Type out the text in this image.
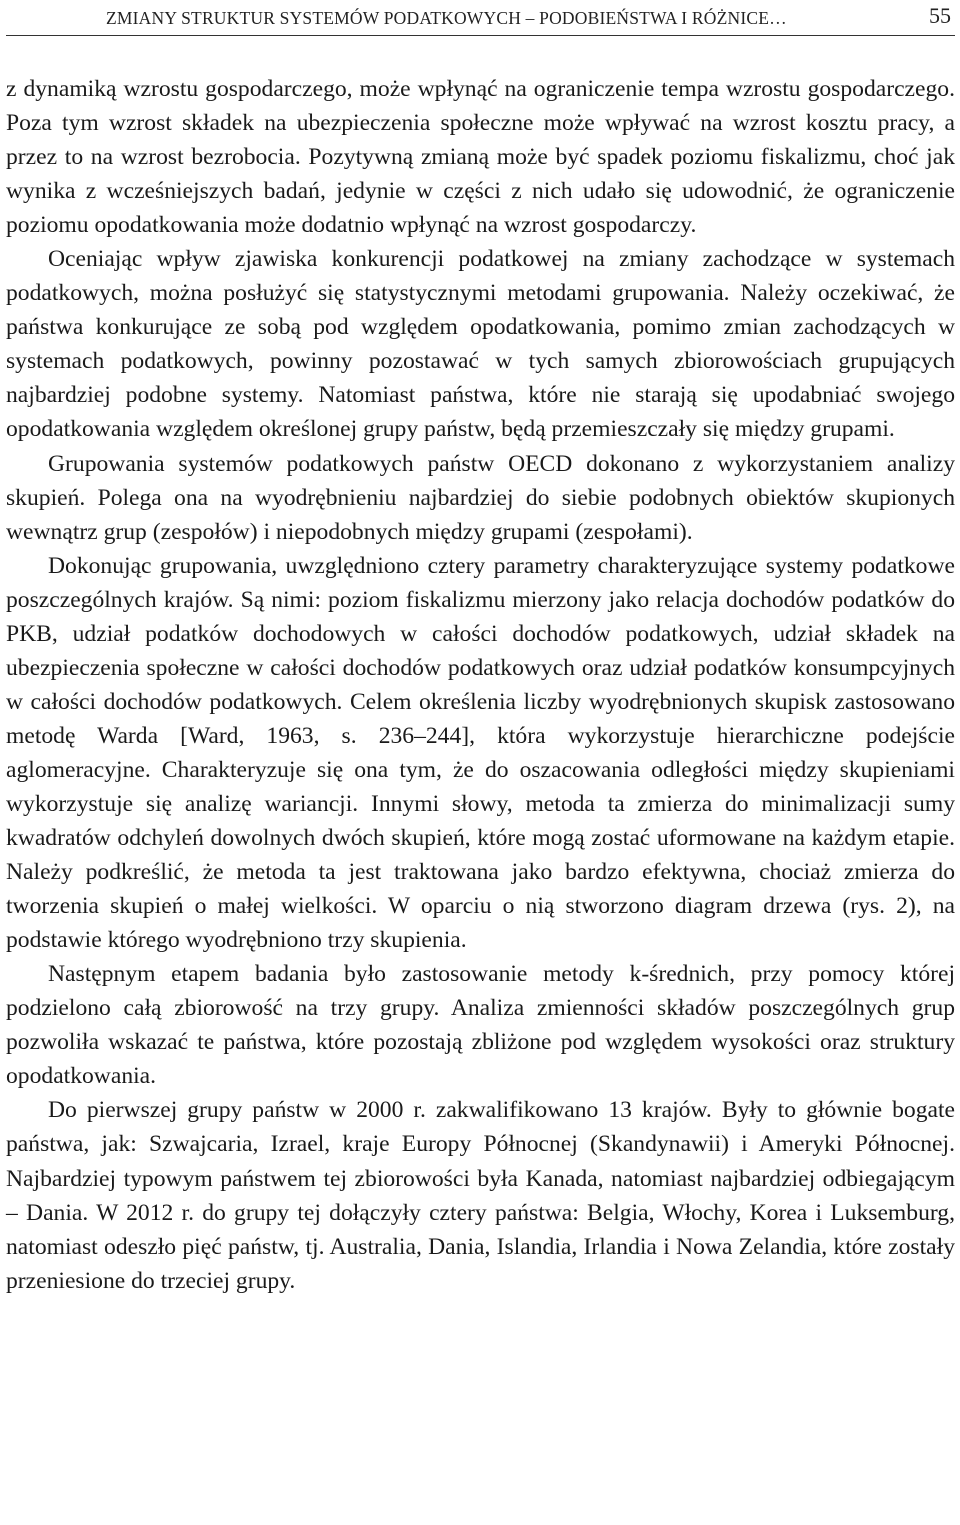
ZMIANY STRUKTUR SYSTEMÓW PODATKOWYCH – PODOBIEŃSTWA I RÓŻNICE…	55

z dynamiką wzrostu gospodarczego, może wpłynąć na ograniczenie tempa wzrostu gospodarczego. Poza tym wzrost składek na ubezpieczenia społeczne może wpływać na wzrost kosztu pracy, a przez to na wzrost bezrobocia. Pozytywną zmianą może być spadek poziomu fiskalizmu, choć jak wynika z wcześniejszych badań, jedynie w części z nich udało się udowodnić, że ograniczenie poziomu opodatkowania może dodatnio wpłynąć na wzrost gospodarczy.

Oceniając wpływ zjawiska konkurencji podatkowej na zmiany zachodzące w systemach podatkowych, można posłużyć się statystycznymi metodami grupowania. Należy oczekiwać, że państwa konkurujące ze sobą pod względem opodatkowania, pomimo zmian zachodzących w systemach podatkowych, powinny pozostawać w tych samych zbiorowościach grupujących najbardziej podobne systemy. Natomiast państwa, które nie starają się upodabniać swojego opodatkowania względem określonej grupy państw, będą przemieszczały się między grupami.

Grupowania systemów podatkowych państw OECD dokonano z wykorzystaniem analizy skupień. Polega ona na wyodrębnieniu najbardziej do siebie podobnych obiektów skupionych wewnątrz grup (zespołów) i niepodobnych między grupami (zespołami).

Dokonując grupowania, uwzględniono cztery parametry charakteryzujące systemy podatkowe poszczególnych krajów. Są nimi: poziom fiskalizmu mierzony jako relacja dochodów podatków do PKB, udział podatków dochodowych w całości dochodów podatkowych, udział składek na ubezpieczenia społeczne w całości dochodów podatkowych oraz udział podatków konsumpcyjnych w całości dochodów podatkowych. Celem określenia liczby wyodrębnionych skupisk zastosowano metodę Warda [Ward, 1963, s. 236–244], która wykorzystuje hierarchiczne podejście aglomeracyjne. Charakteryzuje się ona tym, że do oszacowania odległości między skupieniami wykorzystuje się analizę wariancji. Innymi słowy, metoda ta zmierza do minimalizacji sumy kwadratów odchyleń dowolnych dwóch skupień, które mogą zostać uformowane na każdym etapie. Należy podkreślić, że metoda ta jest traktowana jako bardzo efektywna, chociaż zmierza do tworzenia skupień o małej wielkości. W oparciu o nią stworzono diagram drzewa (rys. 2), na podstawie którego wyodrębniono trzy skupienia.

Następnym etapem badania było zastosowanie metody k-średnich, przy pomocy której podzielono całą zbiorowość na trzy grupy. Analiza zmienności składów poszczególnych grup pozwoliła wskazać te państwa, które pozostają zbliżone pod względem wysokości oraz struktury opodatkowania.

Do pierwszej grupy państw w 2000 r. zakwalifikowano 13 krajów. Były to głównie bogate państwa, jak: Szwajcaria, Izrael, kraje Europy Północnej (Skandynawii) i Ameryki Północnej. Najbardziej typowym państwem tej zbiorowości była Kanada, natomiast najbardziej odbiegającym – Dania. W 2012 r. do grupy tej dołączyły cztery państwa: Belgia, Włochy, Korea i Luksemburg, natomiast odeszło pięć państw, tj. Australia, Dania, Islandia, Irlandia i Nowa Zelandia, które zostały przeniesione do trzeciej grupy.
